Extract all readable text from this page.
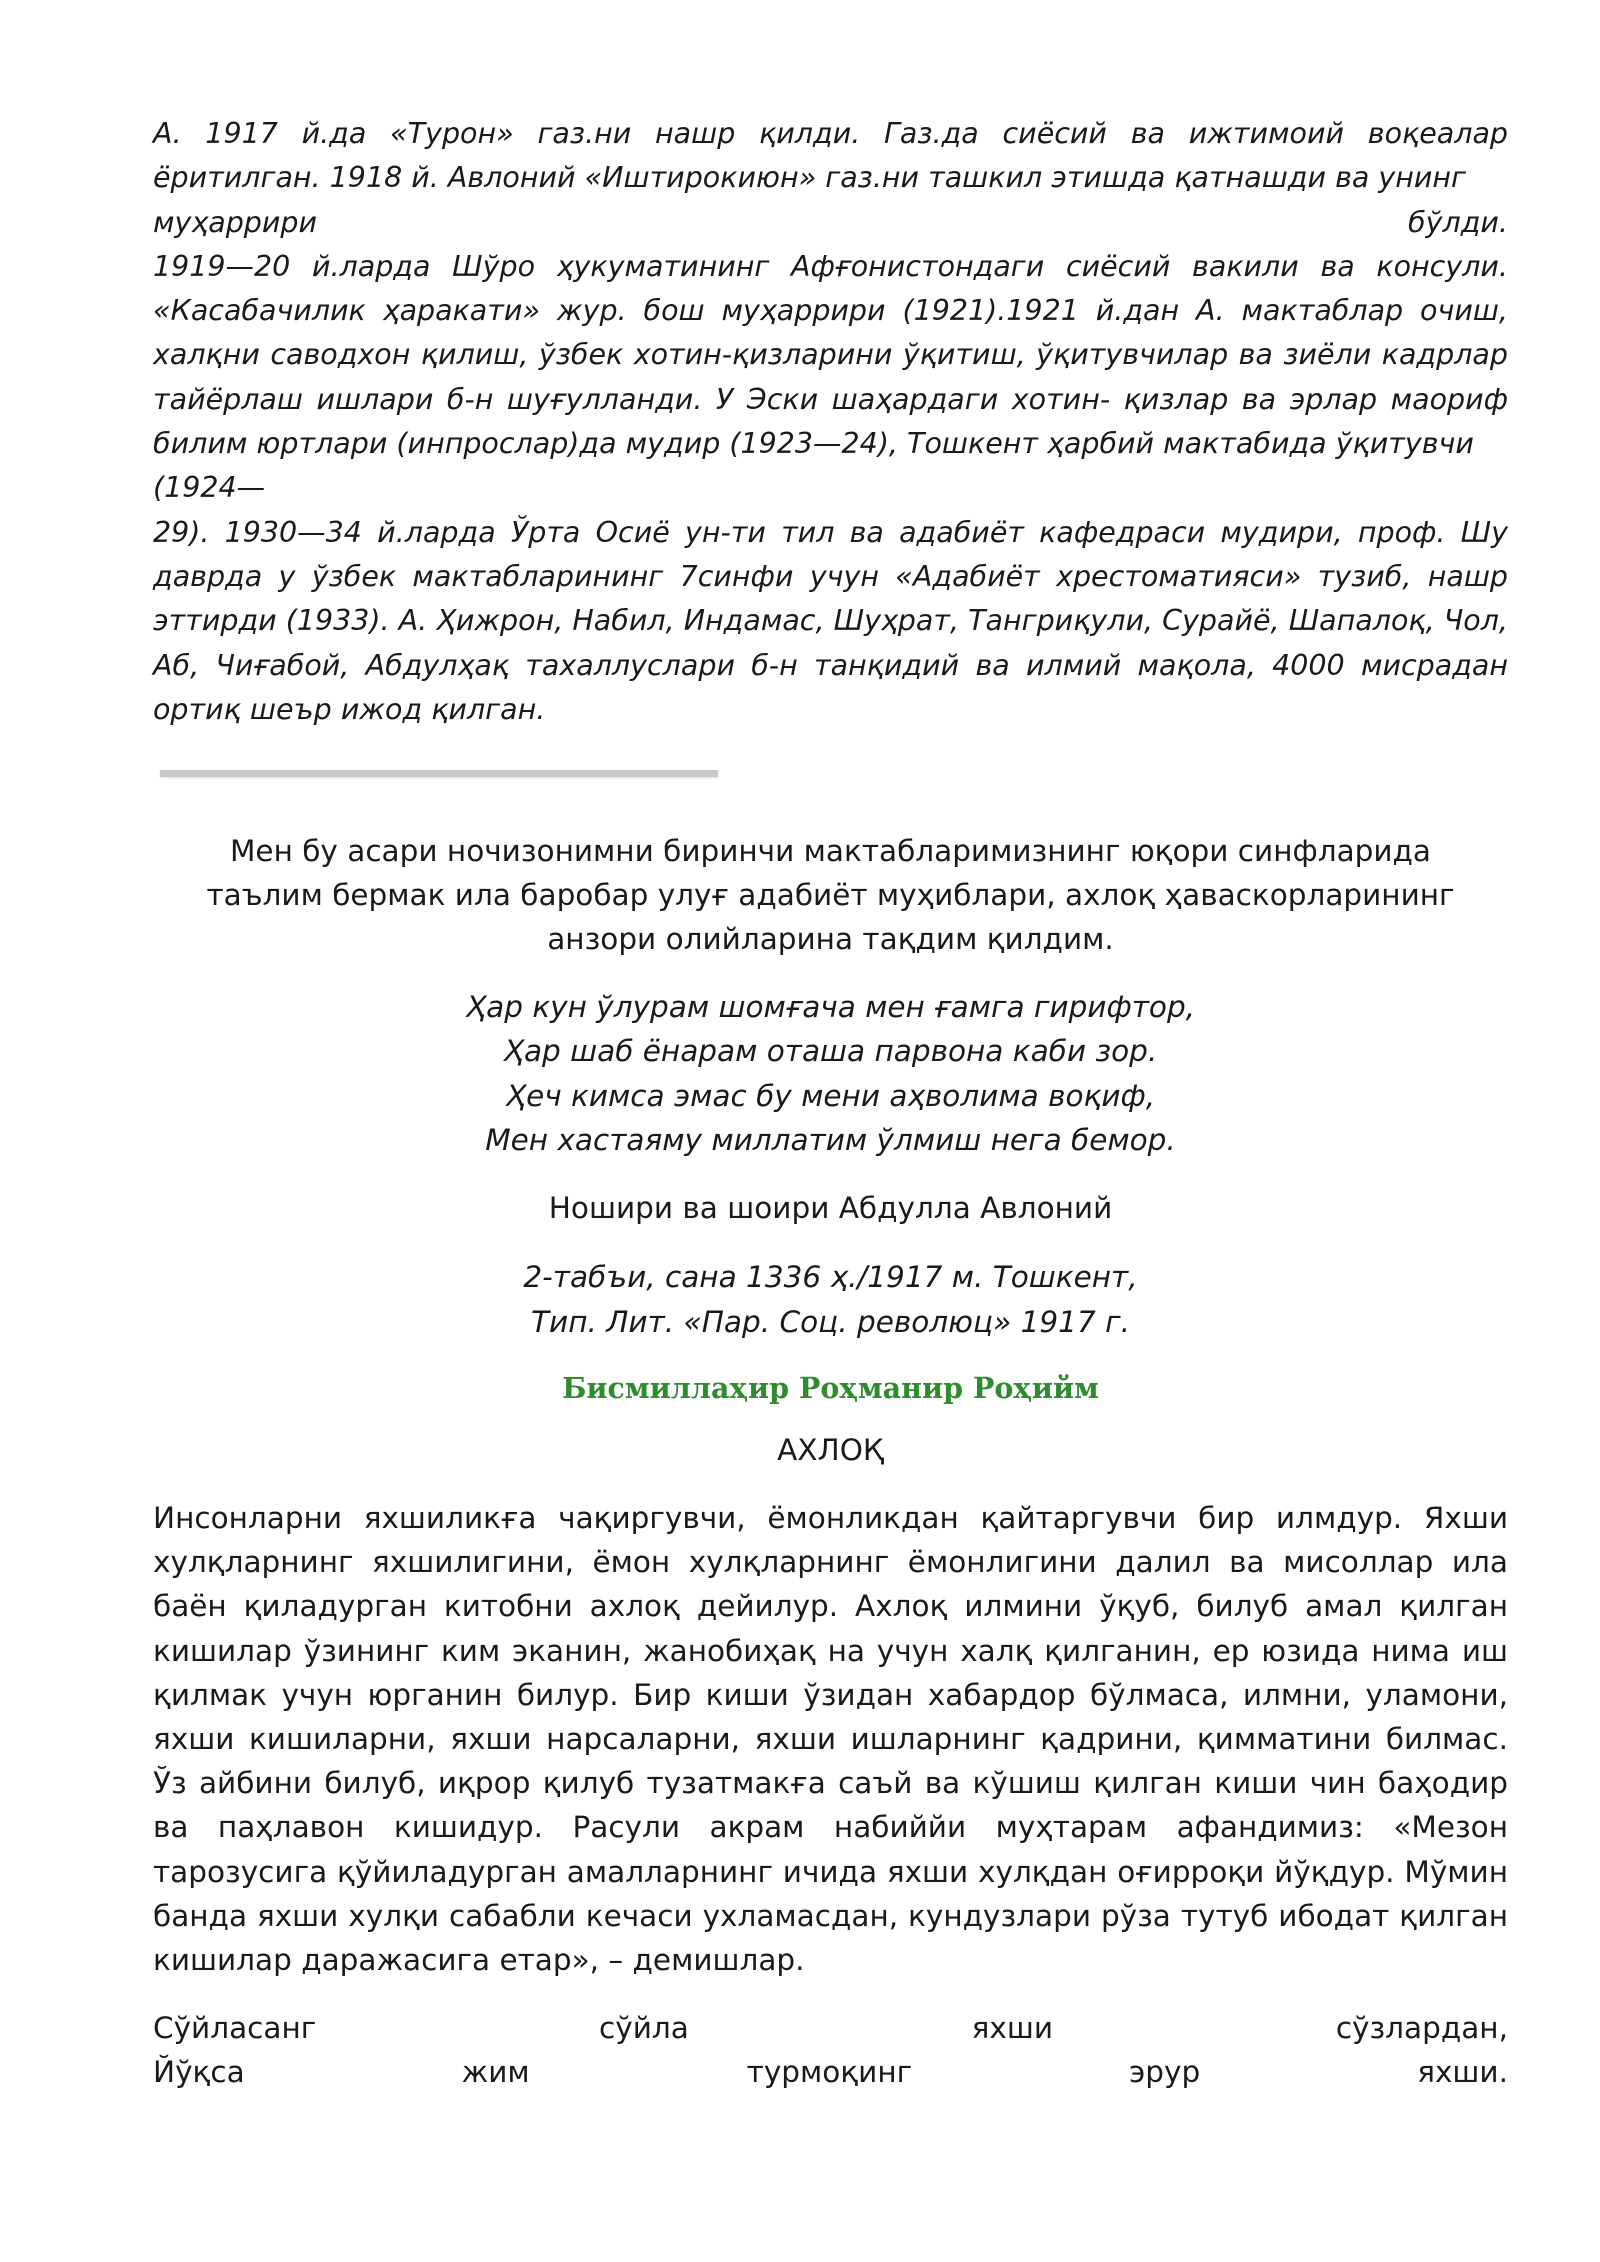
А. 1917 й.да «Турон» газ.ни нашр қилди. Газ.да сиёсий ва ижтимоий воқеалар ёритилган. 1918 й. Авлоний «Иштирокиюн» газ.ни ташкил этишда қатнашди ва унинг

муҳаррири	бўлди.

1919—20 й.ларда Шўро ҳукуматининг Афғонистондаги сиёсий вакили ва консули. «Касабачилик ҳаракати» жур. бош муҳаррири (1921).1921 й.дан А. мактаблар очиш, халқни саводхон қилиш, ўзбек хотин-қизларини ўқитиш, ўқитувчилар ва зиёли кадрлар тайёрлаш ишлари б-н шуғулланди. У Эски шаҳардаги хотин- қизлар ва эрлар маориф билим юртлари (инпрослар)да мудир (1923—24), Тошкент ҳарбий мактабида ўқитувчи

(1924—

29). 1930—34 й.ларда Ўрта Осиё ун-ти тил ва адабиёт кафедраси мудири, проф. Шу даврда у ўзбек мактабларининг 7синфи учун «Адабиёт хрестоматияси» тузиб, нашр эттирди (1933). А. Ҳижрон, Набил, Индамас, Шуҳрат, Тангриқули, Сурайё, Шапалоқ, Чол, Аб, Чиғабой, Абдулҳақ тахаллуслари б-н танқидий ва илмий мақола, 4000 мисрадан ортиқ шеър ижод қилган.

Мен бу асари ночизонимни биринчи мактабларимизнинг юқори синфларида

таълим бермак ила баробар улуғ адабиёт муҳиблари, ахлоқ ҳаваскорларининг

анзори олийларина тақдим қилдим.

Ҳар кун ўлурам шомғача мен ғамга гирифтор,
Ҳар шаб ёнарам оташа парвона каби зор.
Ҳеч кимса эмас бу мени аҳволима воқиф,
Мен хастаяму миллатим ўлмиш нега бемор.
Ношири ва шоири Абдулла Авлоний
2-табъи, сана 1336 ҳ./1917 м. Тошкент,
Тип. Лит. «Пар. Соц. революц» 1917 г.
Бисмиллаҳир Роҳманир Роҳийм
АХЛОҚ

Инсонларни яхшиликға чақиргувчи, ёмонликдан қайтаргувчи бир илмдур. Яхши хулқларнинг яхшилигини, ёмон хулқларнинг ёмонлигини далил ва мисоллар ила баён қиладурган китобни ахлоқ дейилур. Ахлоқ илмини ўқуб, билуб амал қилган кишилар ўзининг ким эканин, жанобиҳақ на учун халқ қилганин, ер юзида нима иш қилмак учун юрганин билур. Бир киши ўзидан хабардор бўлмаса, илмни, уламони, яхши кишиларни, яхши нарсаларни, яхши ишларнинг қадрини, қимматини билмас. Ўз айбини билуб, иқрор қилуб тузатмакға саъй ва кўшиш қилган киши чин баҳодир ва паҳлавон кишидур. Расули акрам набиййи муҳтарам афандимиз: «Мезон тарозусига қўйиладурган амалларнинг ичида яхши хулқдан оғирроқи йўқдур. Мўмин банда яхши хулқи сабабли кечаси ухламасдан, кундузлари рўза тутуб ибодат қилган кишилар даражасига етар», – демишлар.

Сўйласанг	сўйла	яхши	сўзлардан,
Йўқса	жим	турмоқинг	эрур	яхши.
